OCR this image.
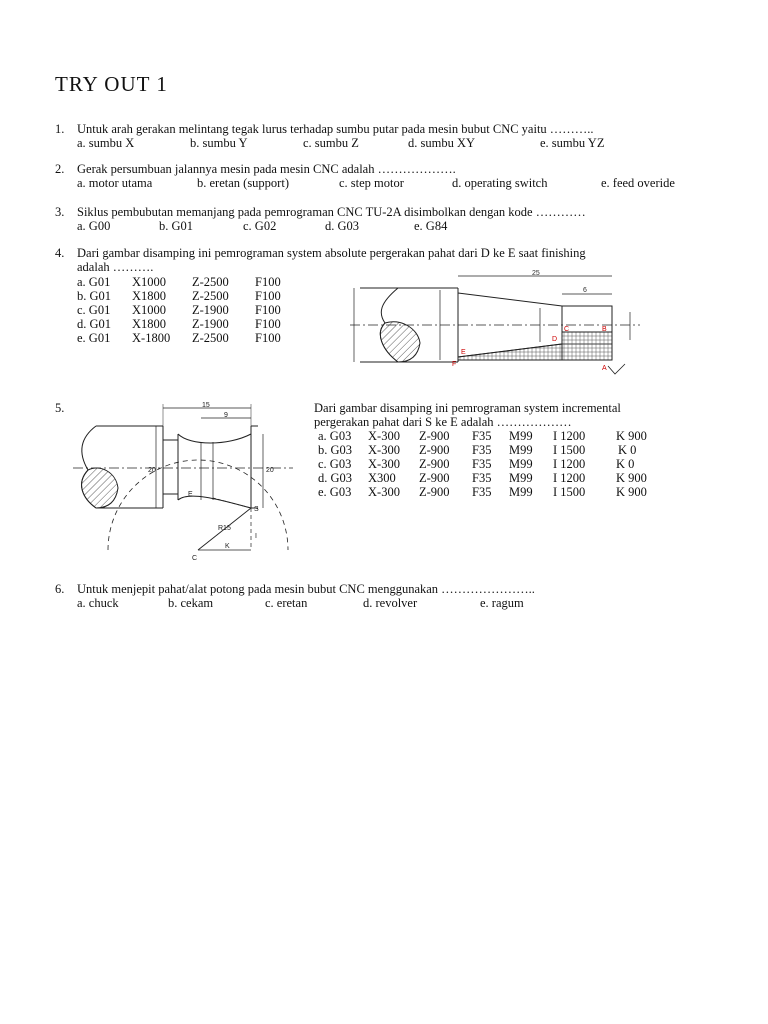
TRY OUT 1
1. Untuk arah gerakan melintang tegak lurus terhadap sumbu putar pada mesin bubut CNC yaitu ………..
a. sumbu X	b. sumbu Y	c. sumbu Z	d. sumbu XY	e. sumbu YZ
2. Gerak persumbuan jalannya mesin pada mesin CNC adalah ……………….
a. motor utama	b. eretan (support)	c. step motor	d. operating switch	e. feed overide
3. Siklus pembubutan memanjang pada pemrograman CNC TU-2A disimbolkan dengan kode …………
a. G00	b. G01	c. G02	d. G03	e. G84
4. Dari gambar disamping ini pemrograman system absolute pergerakan pahat dari D ke E saat finishing
adalah ……….
a. G01 X1000 Z-2500 F100
b. G01 X1800 Z-2500 F100
c. G01 X1000 Z-1900 F100
d. G01 X1800 Z-1900 F100
e. G01 X-1800 Z-2500 F100
25
6
B
C
D
E
F
A
5.	Dari gambar disamping ini pemrograman system incremental
pergerakan pahat dari S ke E adalah ………………
a. G03 X-300 Z-900 F35 M99 I 1200 K 900
b. G03 X-300 Z-900 F35 M99 I 1500	K 0
c. G03 X-300 Z-900 F35 M99 I 1200 K 0
d. G03 X300 Z-900 F35 M99 I 1200 K 900
e. G03 X-300 Z-900 F35 M99 I 1500 K 900
15
9
E
S
R15
K
I
C
20	20
6. Untuk menjepit pahat/alat potong pada mesin bubut CNC menggunakan …………………..
a. chuck	b. cekam	c. eretan	d. revolver	e. ragum
